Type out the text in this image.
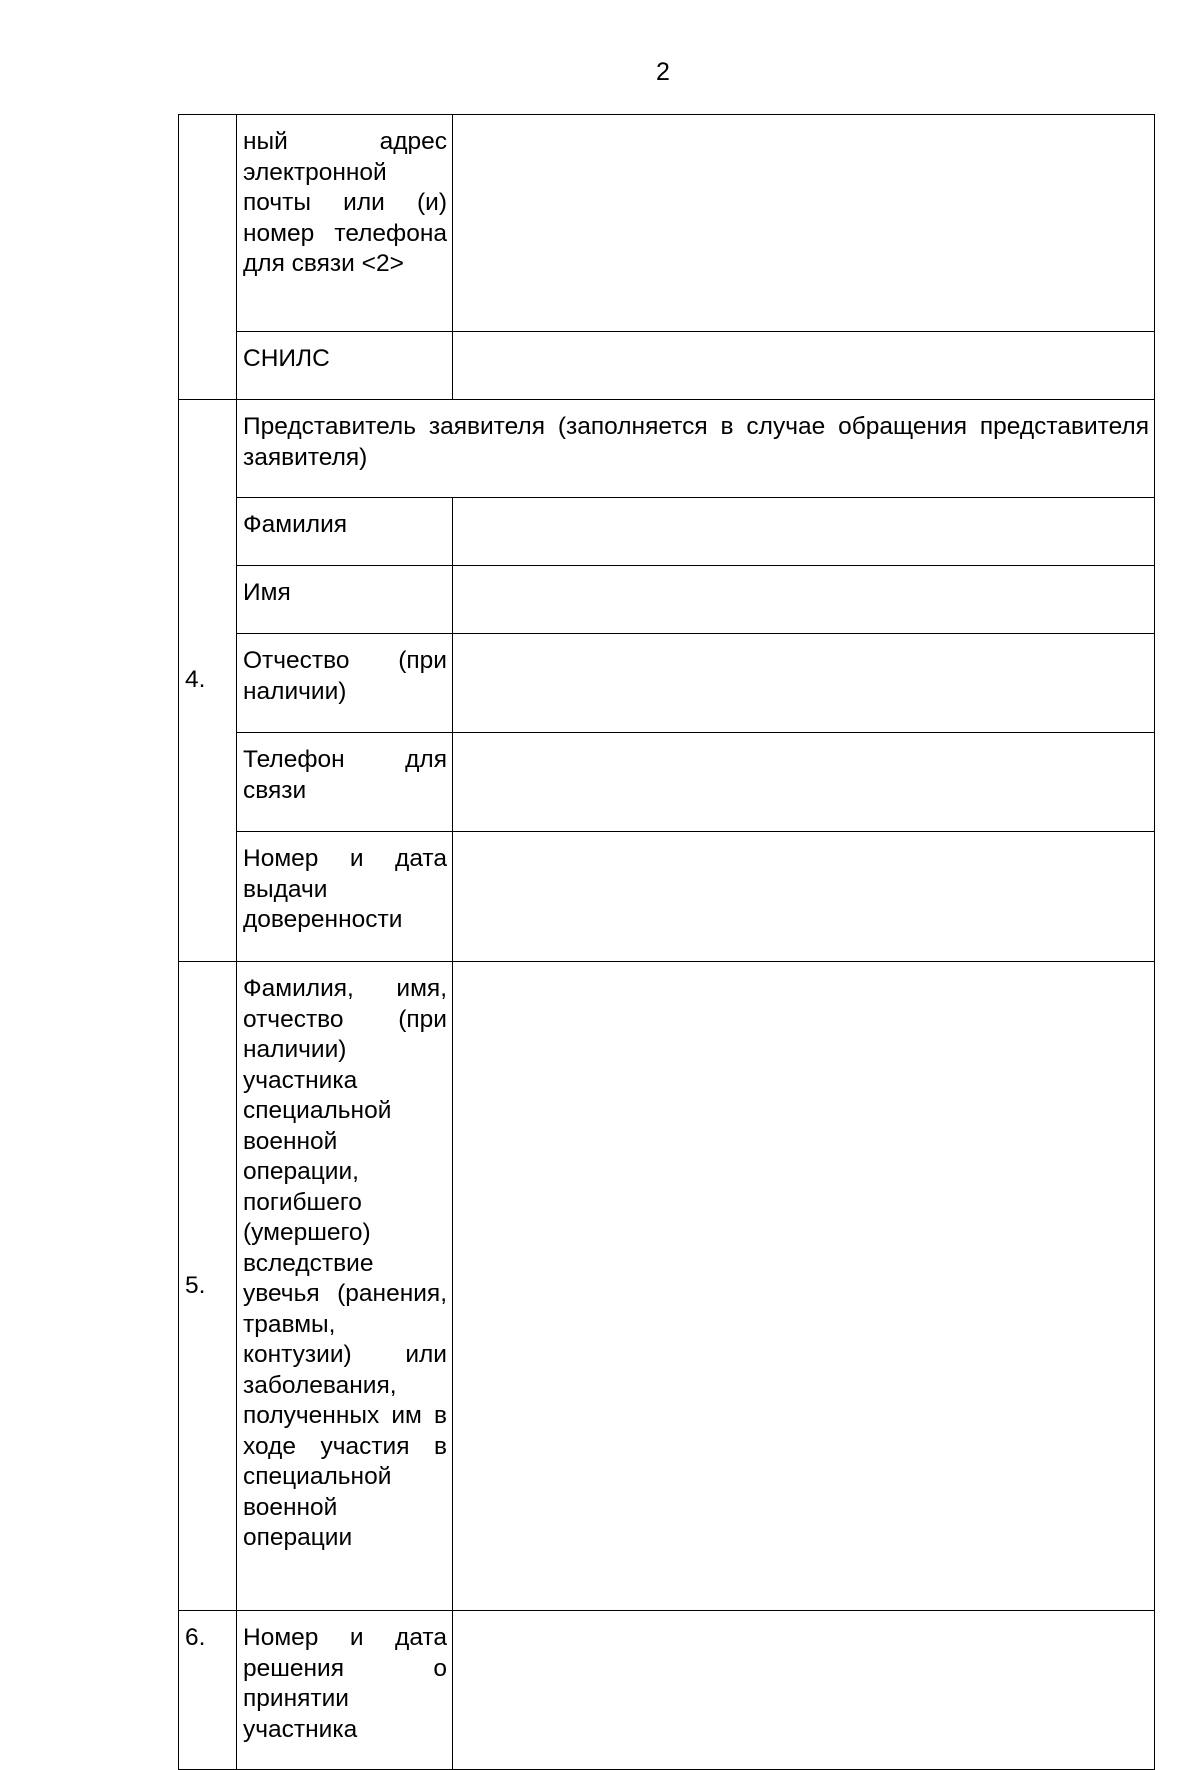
2
	ный адрес электронной почты или (и) номер телефона для связи <2>	
	СНИЛС	
4.	Представитель заявителя (заполняется в случае обращения представителя заявителя)	
	Фамилия	
	Имя	
	Отчество (при наличии)	
	Телефон для связи	
	Номер и дата выдачи доверенности	
5.	Фамилия, имя, отчество (при наличии) участника специальной военной операции, погибшего (умершего) вследствие увечья (ранения, травмы, контузии) или заболевания, полученных им в ходе участия в специальной военной операции	
6.	Номер и дата решения о принятии участника	
